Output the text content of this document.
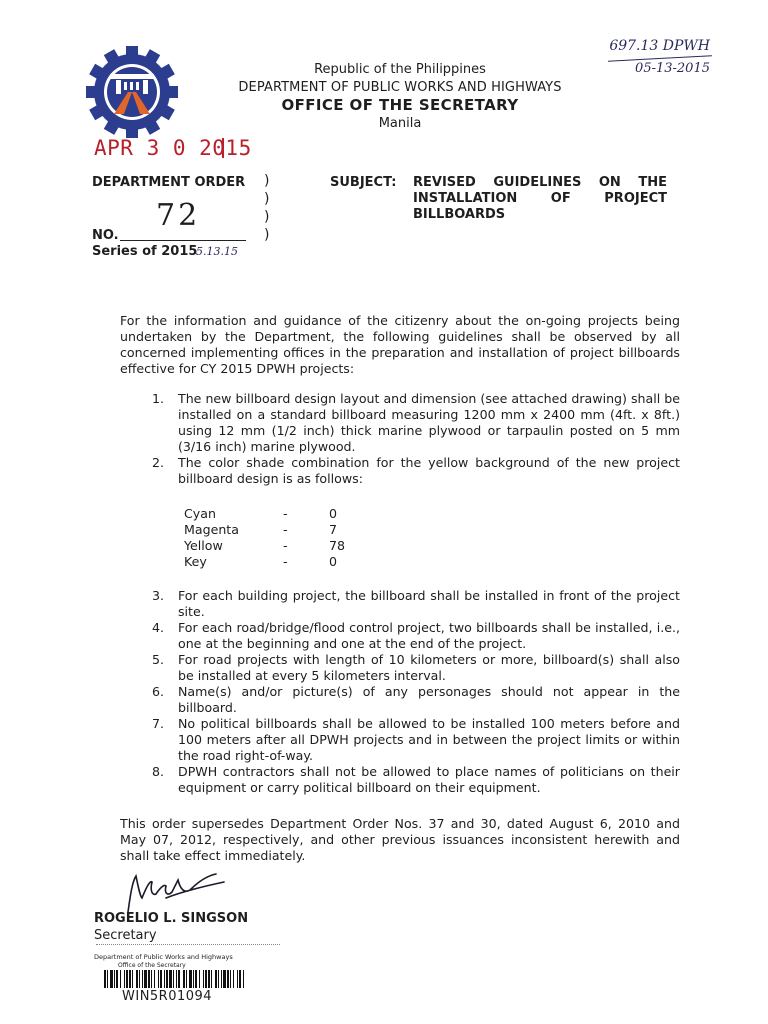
Republic of the Philippines
DEPARTMENT OF PUBLIC WORKS AND HIGHWAYS
OFFICE OF THE SECRETARY
Manila
697.13 DPWH
05-13-2015
APR 3 0 2015
DEPARTMENT ORDER )
)
)
)
72
NO.
Series of 2015
5.13.15
SUBJECT: REVISED GUIDELINES ON THE INSTALLATION OF PROJECT BILLBOARDS
For the information and guidance of the citizenry about the on-going projects being undertaken by the Department, the following guidelines shall be observed by all concerned implementing offices in the preparation and installation of project billboards effective for CY 2015 DPWH projects:
1.	The new billboard design layout and dimension (see attached drawing) shall be installed on a standard billboard measuring 1200 mm x 2400 mm (4ft. x 8ft.) using 12 mm (1/2 inch) thick marine plywood or tarpaulin posted on 5 mm (3/16 inch) marine plywood.
2.	The color shade combination for the yellow background of the new project billboard design is as follows:
Cyan	-	0
Magenta	-	7
Yellow	-	78
Key	-	0
3.	For each building project, the billboard shall be installed in front of the project site.
4.	For each road/bridge/flood control project, two billboards shall be installed, i.e., one at the beginning and one at the end of the project.
5.	For road projects with length of 10 kilometers or more, billboard(s) shall also be installed at every 5 kilometers interval.
6.	Name(s) and/or picture(s) of any personages should not appear in the billboard.
7.	No political billboards shall be allowed to be installed 100 meters before and 100 meters after all DPWH projects and in between the project limits or within the road right-of-way.
8.	DPWH contractors shall not be allowed to place names of politicians on their equipment or carry political billboard on their equipment.
This order supersedes Department Order Nos. 37 and 30, dated August 6, 2010 and May 07, 2012, respectively, and other previous issuances inconsistent herewith and shall take effect immediately.
ROGELIO L. SINGSON
Secretary
Department of Public Works and Highways
Office of the Secretary
WIN5R01094
